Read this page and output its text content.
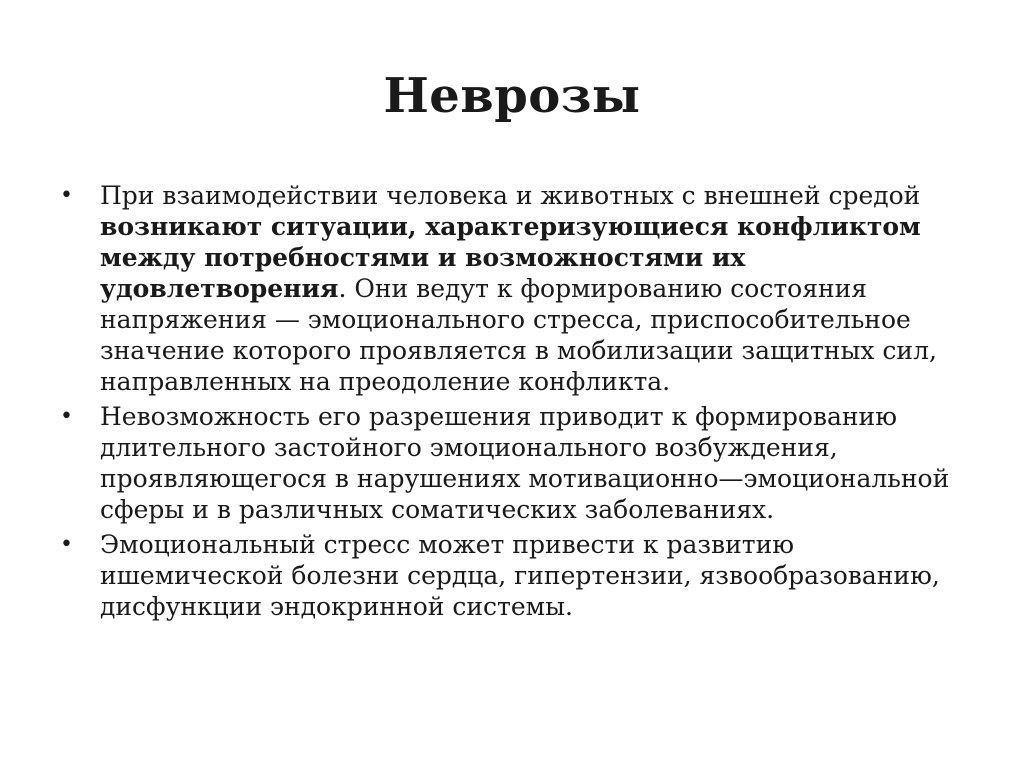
Неврозы
•	При взаимодействии человека и животных с внешней средой возникают ситуации, характеризующиеся конфликтом между потребностями и возможностями их удовлетворения. Они ведут к формированию состояния напряжения — эмоционального стресса, приспособительное значение которого проявляется в мобилизации защитных сил, направленных на преодоление конфликта.
•	Невозможность его разрешения приводит к формированию длительного застойного эмоционального возбуждения, проявляющегося в нарушениях мотивационно—эмоциональной сферы и в различных соматических заболеваниях.
•	Эмоциональный стресс может привести к развитию ишемической болезни сердца, гипертензии, язвообразованию, дисфункции эндокринной системы.
